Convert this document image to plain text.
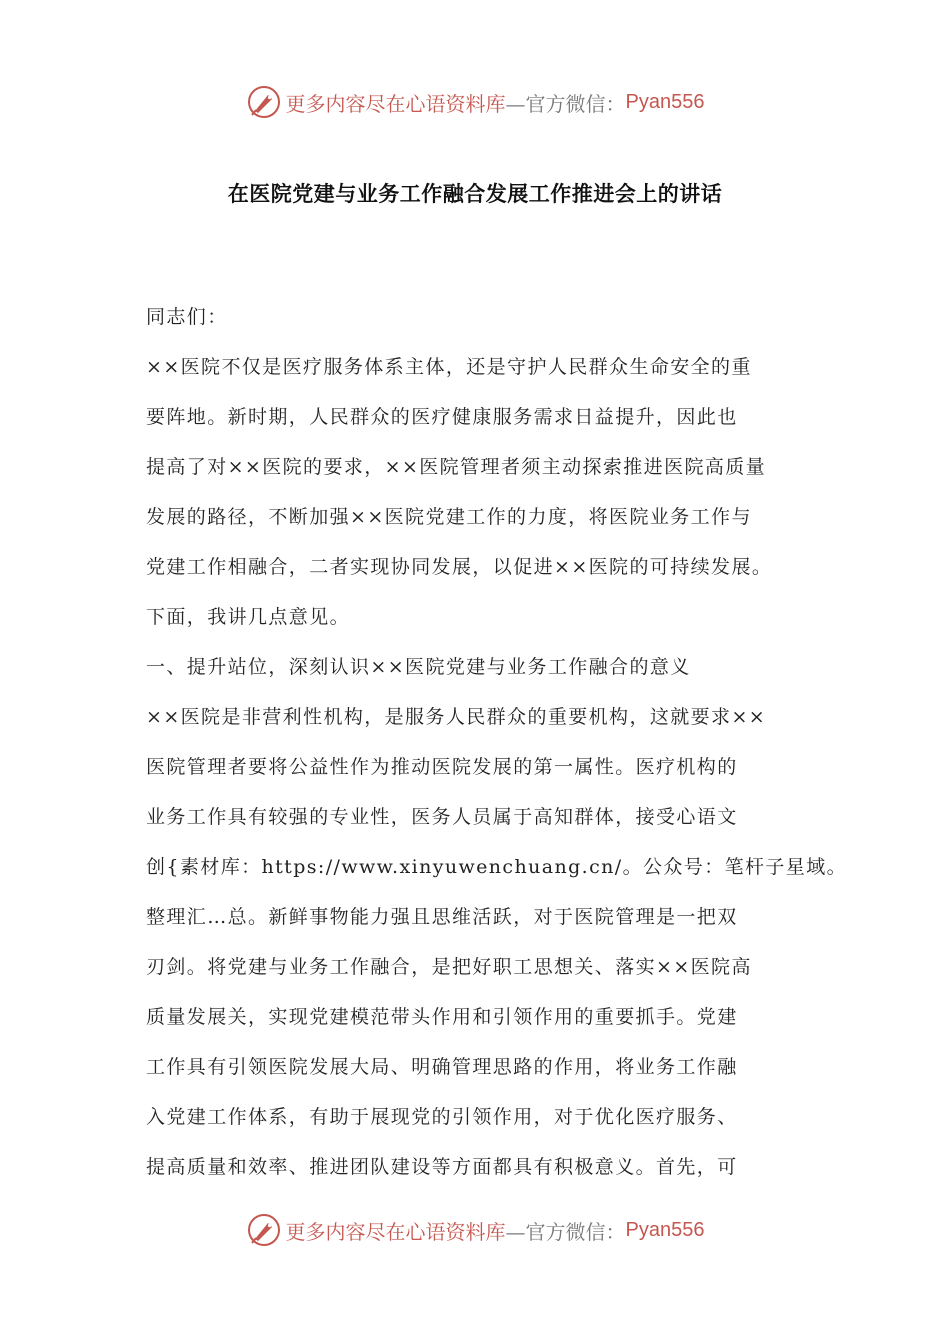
更多内容尽在心语资料库 —官方微信： Pyan556
在医院党建与业务工作融合发展工作推进会上的讲话
同志们：
××医院不仅是医疗服务体系主体，还是守护人民群众生命安全的重
要阵地。新时期，人民群众的医疗健康服务需求日益提升，因此也
提高了对××医院的要求，××医院管理者须主动探索推进医院高质量
发展的路径，不断加强××医院党建工作的力度，将医院业务工作与
党建工作相融合，二者实现协同发展，以促进××医院的可持续发展。
下面，我讲几点意见。
一、提升站位，深刻认识××医院党建与业务工作融合的意义
××医院是非营利性机构，是服务人民群众的重要机构，这就要求××
医院管理者要将公益性作为推动医院发展的第一属性。医疗机构的
业务工作具有较强的专业性，医务人员属于高知群体，接受心语文
创{素材库：https://www.xinyuwenchuang.cn/。公众号：笔杆子星域。
整理汇…总。新鲜事物能力强且思维活跃，对于医院管理是一把双
刃剑。将党建与业务工作融合，是把好职工思想关、落实××医院高
质量发展关，实现党建模范带头作用和引领作用的重要抓手。党建
工作具有引领医院发展大局、明确管理思路的作用，将业务工作融
入党建工作体系，有助于展现党的引领作用，对于优化医疗服务、
提高质量和效率、推进团队建设等方面都具有积极意义。首先，可
更多内容尽在心语资料库 —官方微信： Pyan556
